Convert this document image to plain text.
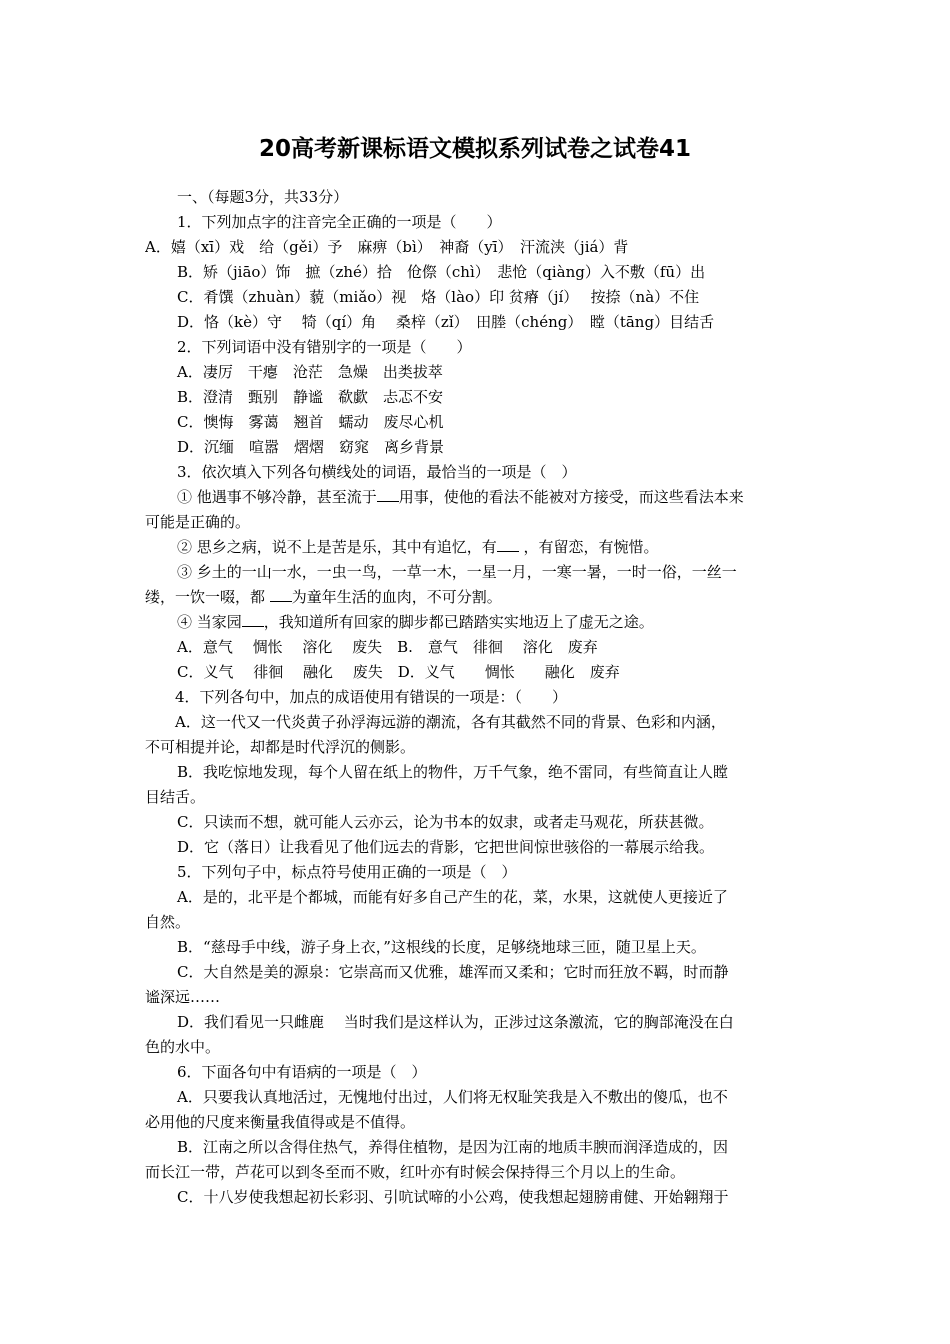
20高考新课标语文模拟系列试卷之试卷41
一、（每题3分，共33分）
1．下列加点字的注音完全正确的一项是（　　）
A．嬉（xī）戏　给（gěi）予　麻痹（bì）　神裔（yī）　汗流浃（jiá）背
B．矫（jiāo）饰　摭（zhé）拾　伧傺（chì）　悲怆（qiàng）入不敷（fū）出
C．肴馔（zhuàn）藐（miǎo）视　烙（lào）印 贫瘠（jí）　 按捺（nà）不住
D．恪（kè）守　 犄（qí）角　 桑梓（zǐ）　田塍（chéng）　瞠（tāng）目结舌
2．下列词语中没有错别字的一项是（　　）
A．凄厉　干瘪　沧茫　急燥　出类拔萃
B．澄清　甄别　静谧　欷歔　忐忑不安
C．懊悔　雾蔼　翘首　蠕动　废尽心机
D．沉缅　喧嚣　熠熠　窈窕　离乡背景
3．依次填入下列各句横线处的词语，最恰当的一项是（　）
① 他遇事不够冷静，甚至流于 用事，使他的看法不能被对方接受，而这些看法本来
可能是正确的。
② 思乡之病，说不上是苦是乐，其中有追忆，有 ，有留恋，有惋惜。
③ 乡土的一山一水，一虫一鸟，一草一木，一星一月，一寒一暑，一时一俗，一丝一
缕，一饮一啜，都 为童年生活的血肉，不可分割。
④ 当家园 ，我知道所有回家的脚步都已踏踏实实地迈上了虚无之途。
A．意气　 惆怅　 溶化　 废失　B.　意气　徘徊　 溶化　废弃
C．义气　 徘徊　 融化　 废失　D．义气　　惆怅　　融化　废弃
4．下列各句中，加点的成语使用有错误的一项是：（　　）
A．这一代又一代炎黄子孙浮海远游的潮流，各有其截然不同的背景、色彩和内涵，
不可相提并论，却都是时代浮沉的侧影。
B．我吃惊地发现，每个人留在纸上的物件，万千气象，绝不雷同，有些简直让人瞠
目结舌。
C．只读而不想，就可能人云亦云，论为书本的奴隶，或者走马观花，所获甚微。
D．它（落日）让我看见了他们远去的背影，它把世间惊世骇俗的一幕展示给我。
5．下列句子中，标点符号使用正确的一项是（　）
A．是的，北平是个都城，而能有好多自己产生的花，菜，水果，这就使人更接近了
自然。
B．“慈母手中线，游子身上衣，”这根线的长度，足够绕地球三匝，随卫星上天。
C．大自然是美的源泉：它崇高而又优雅，雄浑而又柔和；它时而狂放不羁，时而静
谧深远……
D．我们看见一只雌鹿　 当时我们是这样认为，正涉过这条激流，它的胸部淹没在白
色的水中。
6．下面各句中有语病的一项是（　）
A．只要我认真地活过，无愧地付出过，人们将无权耻笑我是入不敷出的傻瓜，也不
必用他的尺度来衡量我值得或是不值得。
B．江南之所以含得住热气，养得住植物，是因为江南的地质丰腴而润泽造成的，因
而长江一带，芦花可以到冬至而不败，红叶亦有时候会保持得三个月以上的生命。
C．十八岁使我想起初长彩羽、引吭试啼的小公鸡，使我想起翅膀甫健、开始翱翔于
